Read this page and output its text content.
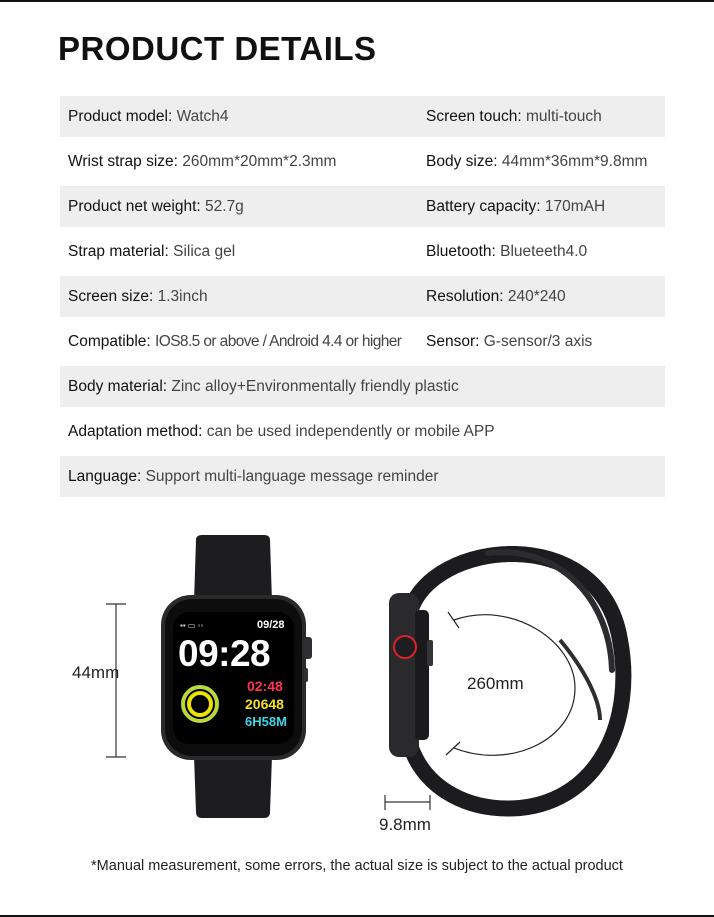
PRODUCT DETAILS
Product model: Watch4	Screen touch: multi-touch
Wrist strap size: 260mm*20mm*2.3mm	Body size: 44mm*36mm*9.8mm
Product net weight: 52.7g	Battery capacity: 170mAH
Strap material: Silica gel	Bluetooth: Blueteeth4.0
Screen size: 1.3inch	Resolution: 240*240
Compatible: IOS8.5 or above / Android 4.4 or higher	Sensor: G-sensor/3 axis
Body material: Zinc alloy+Environmentally friendly plastic
Adaptation method: can be used independently or mobile APP
Language: Support multi-language message reminder
▪▪ ▭ ◦◦	09/28
09:28
02:48
20648
6H58M
44mm
260mm
9.8mm
*Manual measurement, some errors, the actual size is subject to the actual product
